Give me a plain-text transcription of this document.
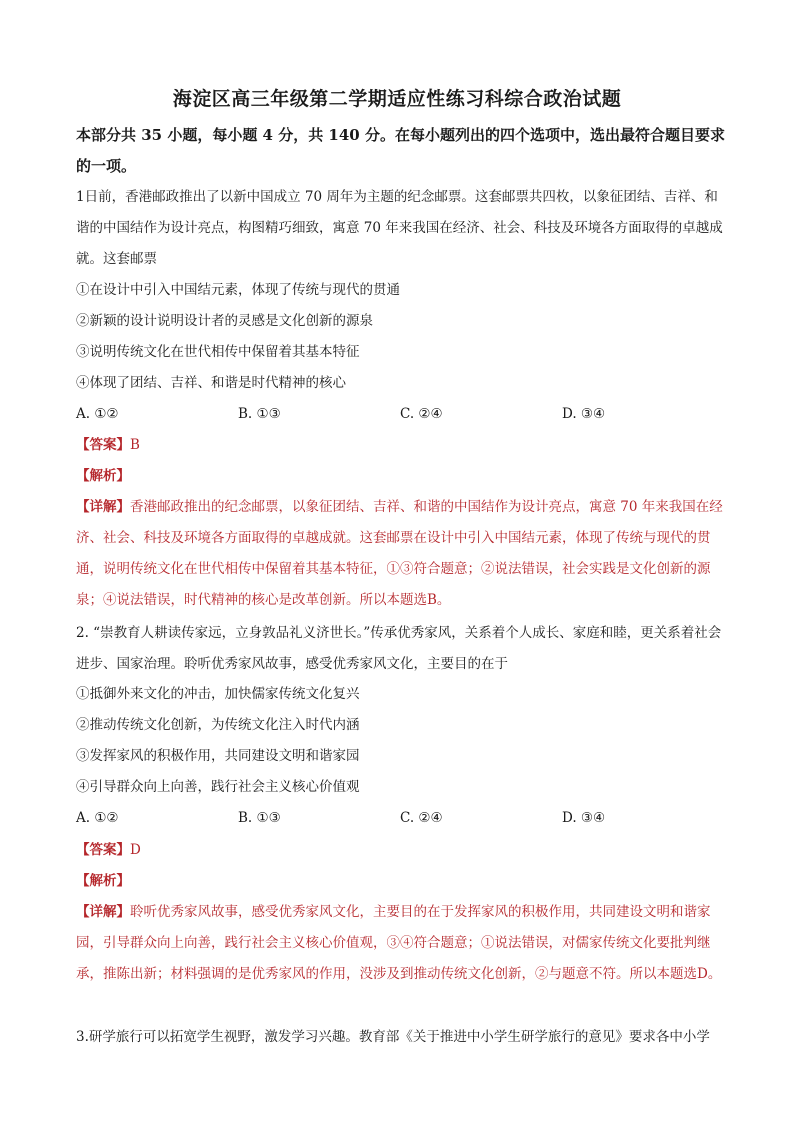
海淀区高三年级第二学期适应性练习科综合政治试题
本部分共 35 小题，每小题 4 分，共 140 分。在每小题列出的四个选项中，选出最符合题目要求的一项。
1日前，香港邮政推出了以新中国成立 70 周年为主题的纪念邮票。这套邮票共四枚，以象征团结、吉祥、和谐的中国结作为设计亮点，构图精巧细致，寓意 70 年来我国在经济、社会、科技及环境各方面取得的卓越成就。这套邮票
①在设计中引入中国结元素，体现了传统与现代的贯通
②新颖的设计说明设计者的灵感是文化创新的源泉
③说明传统文化在世代相传中保留着其基本特征
④体现了团结、吉祥、和谐是时代精神的核心
A. ①②	B. ①③	C. ②④	D. ③④
【答案】B
【解析】
【详解】香港邮政推出的纪念邮票，以象征团结、吉祥、和谐的中国结作为设计亮点，寓意 70 年来我国在经济、社会、科技及环境各方面取得的卓越成就。这套邮票在设计中引入中国结元素，体现了传统与现代的贯通，说明传统文化在世代相传中保留着其基本特征，①③符合题意；②说法错误，社会实践是文化创新的源泉；④说法错误，时代精神的核心是改革创新。所以本题选B。
2. “崇教育人耕读传家远，立身敦品礼义济世长。”传承优秀家风，关系着个人成长、家庭和睦，更关系着社会进步、国家治理。聆听优秀家风故事，感受优秀家风文化，主要目的在于
①抵御外来文化的冲击，加快儒家传统文化复兴
②推动传统文化创新，为传统文化注入时代内涵
③发挥家风的积极作用，共同建设文明和谐家园
④引导群众向上向善，践行社会主义核心价值观
A. ①②	B. ①③	C. ②④	D. ③④
【答案】D
【解析】
【详解】聆听优秀家风故事，感受优秀家风文化，主要目的在于发挥家风的积极作用，共同建设文明和谐家园，引导群众向上向善，践行社会主义核心价值观，③④符合题意；①说法错误，对儒家传统文化要批判继承，推陈出新；材料强调的是优秀家风的作用，没涉及到推动传统文化创新，②与题意不符。所以本题选D。
3.研学旅行可以拓宽学生视野，激发学习兴趣。教育部《关于推进中小学生研学旅行的意见》要求各中小学
